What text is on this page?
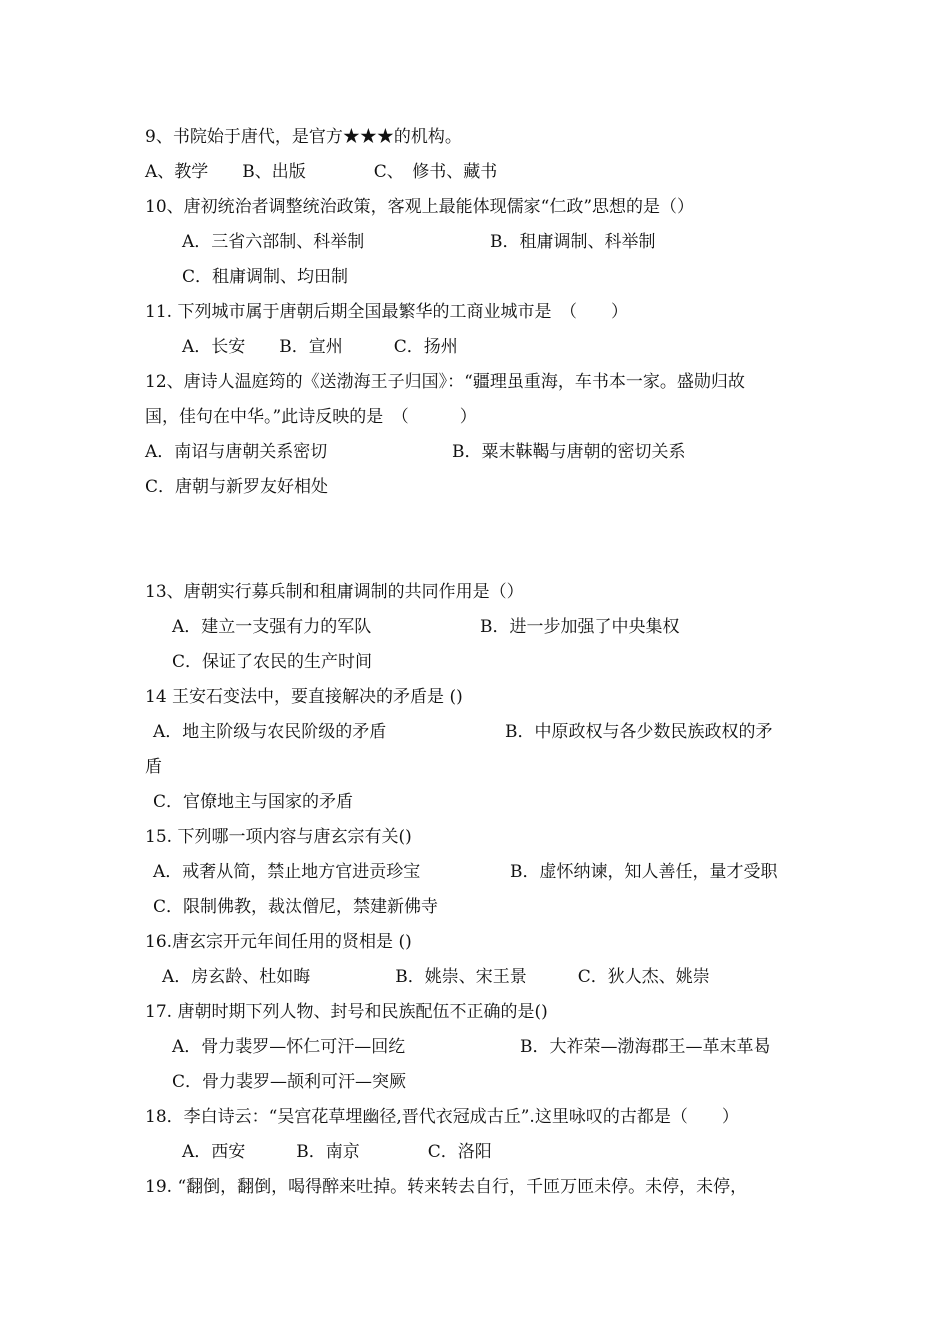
9、书院始于唐代，是官方★★★的机构。
A、教学　　B、出版　　　　C、　修书、藏书
10、唐初统治者调整统治政策，客观上最能体现儒家“仁政”思想的是（）
A．三省六部制、科举制	B．租庸调制、科举制
C．租庸调制、均田制
11. 下列城市属于唐朝后期全国最繁华的工商业城市是　（　　）
A．长安　　B．宣州　　　C．扬州
12、唐诗人温庭筠的《送渤海王子归国》：“疆理虽重海，车书本一家。盛勋归故
国，佳句在中华。”此诗反映的是　（　　　）
A．南诏与唐朝关系密切	B．粟末靺鞨与唐朝的密切关系
C．唐朝与新罗友好相处
13、唐朝实行募兵制和租庸调制的共同作用是（）
A．建立一支强有力的军队	B．进一步加强了中央集权
C．保证了农民的生产时间
14 王安石变法中，要直接解决的矛盾是 ()
A．地主阶级与农民阶级的矛盾	B．中原政权与各少数民族政权的矛
盾
C．官僚地主与国家的矛盾
15. 下列哪一项内容与唐玄宗有关()
A．戒奢从简，禁止地方官进贡珍宝	B．虚怀纳谏，知人善任，量才受职
C．限制佛教，裁汰僧尼，禁建新佛寺
16.唐玄宗开元年间任用的贤相是 ()
A．房玄龄、杜如晦　　　　　B．姚崇、宋王景　　　C．狄人杰、姚崇
17. 唐朝时期下列人物、封号和民族配伍不正确的是()
A．骨力裴罗—怀仁可汗—回纥	B．大祚荣—渤海郡王—革末革曷
C．骨力裴罗—颉利可汗—突厥
18．李白诗云：“吴宫花草埋幽径,晋代衣冠成古丘”.这里咏叹的古都是（　　）
A．西安　　　B．南京　　　　C．洛阳
19. “翻倒，翻倒，喝得醉来吐掉。转来转去自行，千匝万匝未停。未停，未停，
